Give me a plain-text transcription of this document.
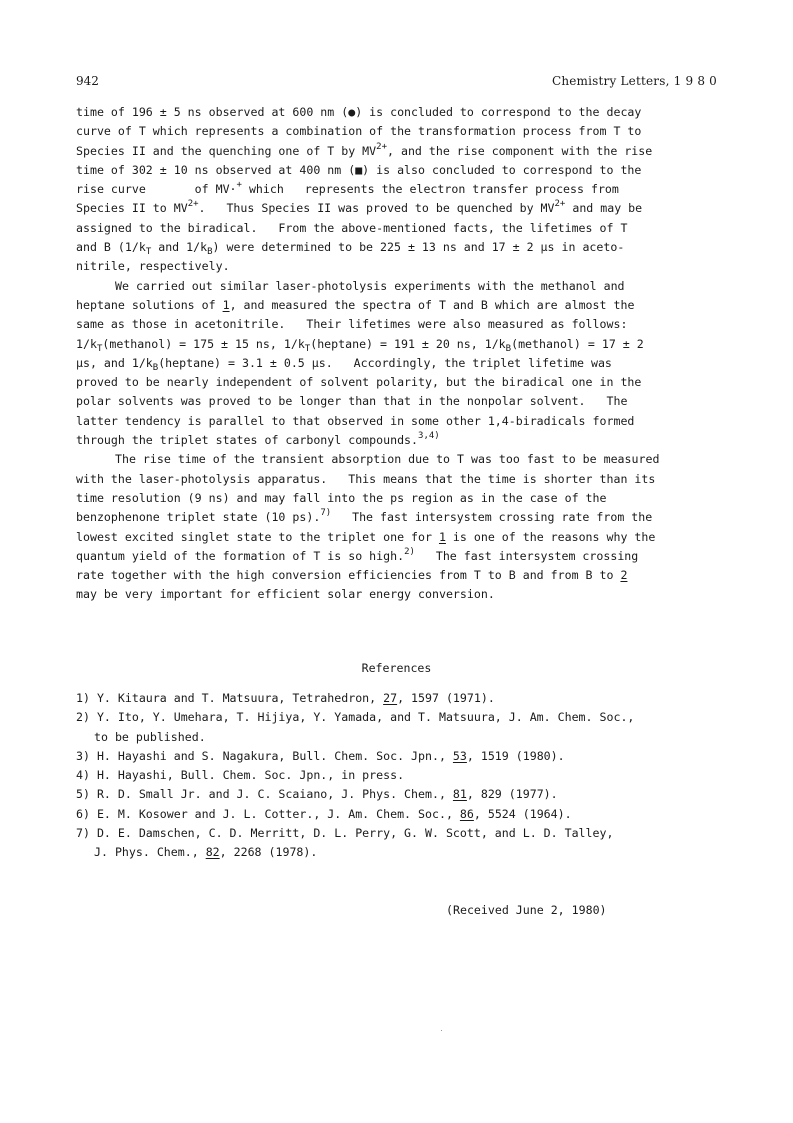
942	Chemistry Letters, 1 9 8 0
time of 196 ± 5 ns observed at 600 nm (●) is concluded to correspond to the decay
curve of T which represents a combination of the transformation process from T to
Species II and the quenching one of T by $MV^{2+}$, and the rise component with the rise
time of 302 ± 10 ns observed at 400 nm (■) is also concluded to correspond to the
rise curve       of MV·+ which   represents the electron transfer process from
Species II to $MV^{2+}$.   Thus Species II was proved to be quenched by $MV^{2+}$ and may be
assigned to the biradical.   From the above-mentioned facts, the lifetimes of T
and B ($1/k_T$ and $1/k_B$) were determined to be 225 ± 13 ns and 17 ± 2 μs in aceto-
nitrile, respectively.
We carried out similar laser-photolysis experiments with the methanol and
heptane solutions of 1, and measured the spectra of T and B which are almost the
same as those in acetonitrile.   Their lifetimes were also measured as follows:
$1/k_T(methanol) = 175 \pm 15$ ns, $1/k_T(heptane) = 191 \pm 20$ ns, $1/k_B(methanol) = 17 \pm 2$
μs, and $1/k_B(heptane) = 3.1 \pm 0.5$ μs.   Accordingly, the triplet lifetime was
proved to be nearly independent of solvent polarity, but the biradical one in the
polar solvents was proved to be longer than that in the nonpolar solvent.   The
latter tendency is parallel to that observed in some other 1,4-biradicals formed
through the triplet states of carbonyl compounds.$^{3,4)}$
The rise time of the transient absorption due to T was too fast to be measured
with the laser-photolysis apparatus.   This means that the time is shorter than its
time resolution (9 ns) and may fall into the ps region as in the case of the
benzophenone triplet state (10 ps).$^{7)}$   The fast intersystem crossing rate from the
lowest excited singlet state to the triplet one for 1 is one of the reasons why the
quantum yield of the formation of T is so high.$^{2)}$   The fast intersystem crossing
rate together with the high conversion efficiencies from T to B and from B to 2
may be very important for efficient solar energy conversion.
References
1) Y. Kitaura and T. Matsuura, Tetrahedron, 27, 1597 (1971).
2) Y. Ito, Y. Umehara, T. Hijiya, Y. Yamada, and T. Matsuura, J. Am. Chem. Soc.,
to be published.
3) H. Hayashi and S. Nagakura, Bull. Chem. Soc. Jpn., 53, 1519 (1980).
4) H. Hayashi, Bull. Chem. Soc. Jpn., in press.
5) R. D. Small Jr. and J. C. Scaiano, J. Phys. Chem., 81, 829 (1977).
6) E. M. Kosower and J. L. Cotter., J. Am. Chem. Soc., 86, 5524 (1964).
7) D. E. Damschen, C. D. Merritt, D. L. Perry, G. W. Scott, and L. D. Talley,
J. Phys. Chem., 82, 2268 (1978).
(Received June 2, 1980)
